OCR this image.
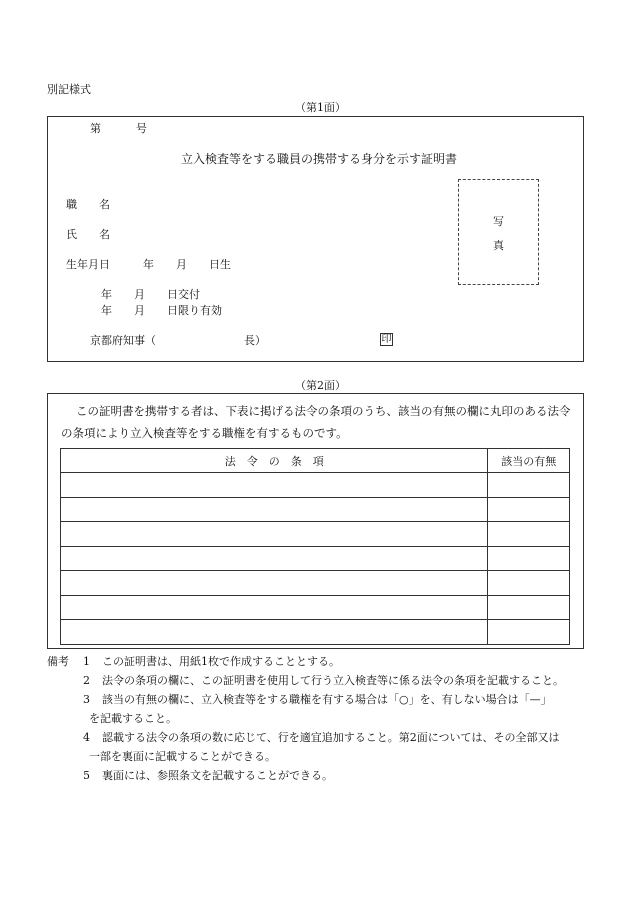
別記様式
（第1面）
第	号
立入検査等をする職員の携帯する身分を示す証明書
職　　名
氏　　名
生年月日　　　年　　月　　日生
年　　月　　日交付
年　　月　　日限り有効
京都府知事（　　　　　　　　長）	印
写
真
（第2面）
この証明書を携帯する者は、下表に掲げる法令の条項のうち、該当の有無の欄に丸印のある法令
の条項により立入検査等をする職権を有するものです。
法　令　の　条　項	該当の有無

備考 1 この証明書は、用紙1枚で作成することとする。
2 法令の条項の欄に、この証明書を使用して行う立入検査等に係る法令の条項を記載すること。
3 該当の有無の欄に、立入検査等をする職権を有する場合は「○」を、有しない場合は「—」
を記載すること。
4 認載する法令の条項の数に応じて、行を適宜追加すること。第2面については、その全部又は
一部を裏面に記載することができる。
5 裏面には、参照条文を記載することができる。
